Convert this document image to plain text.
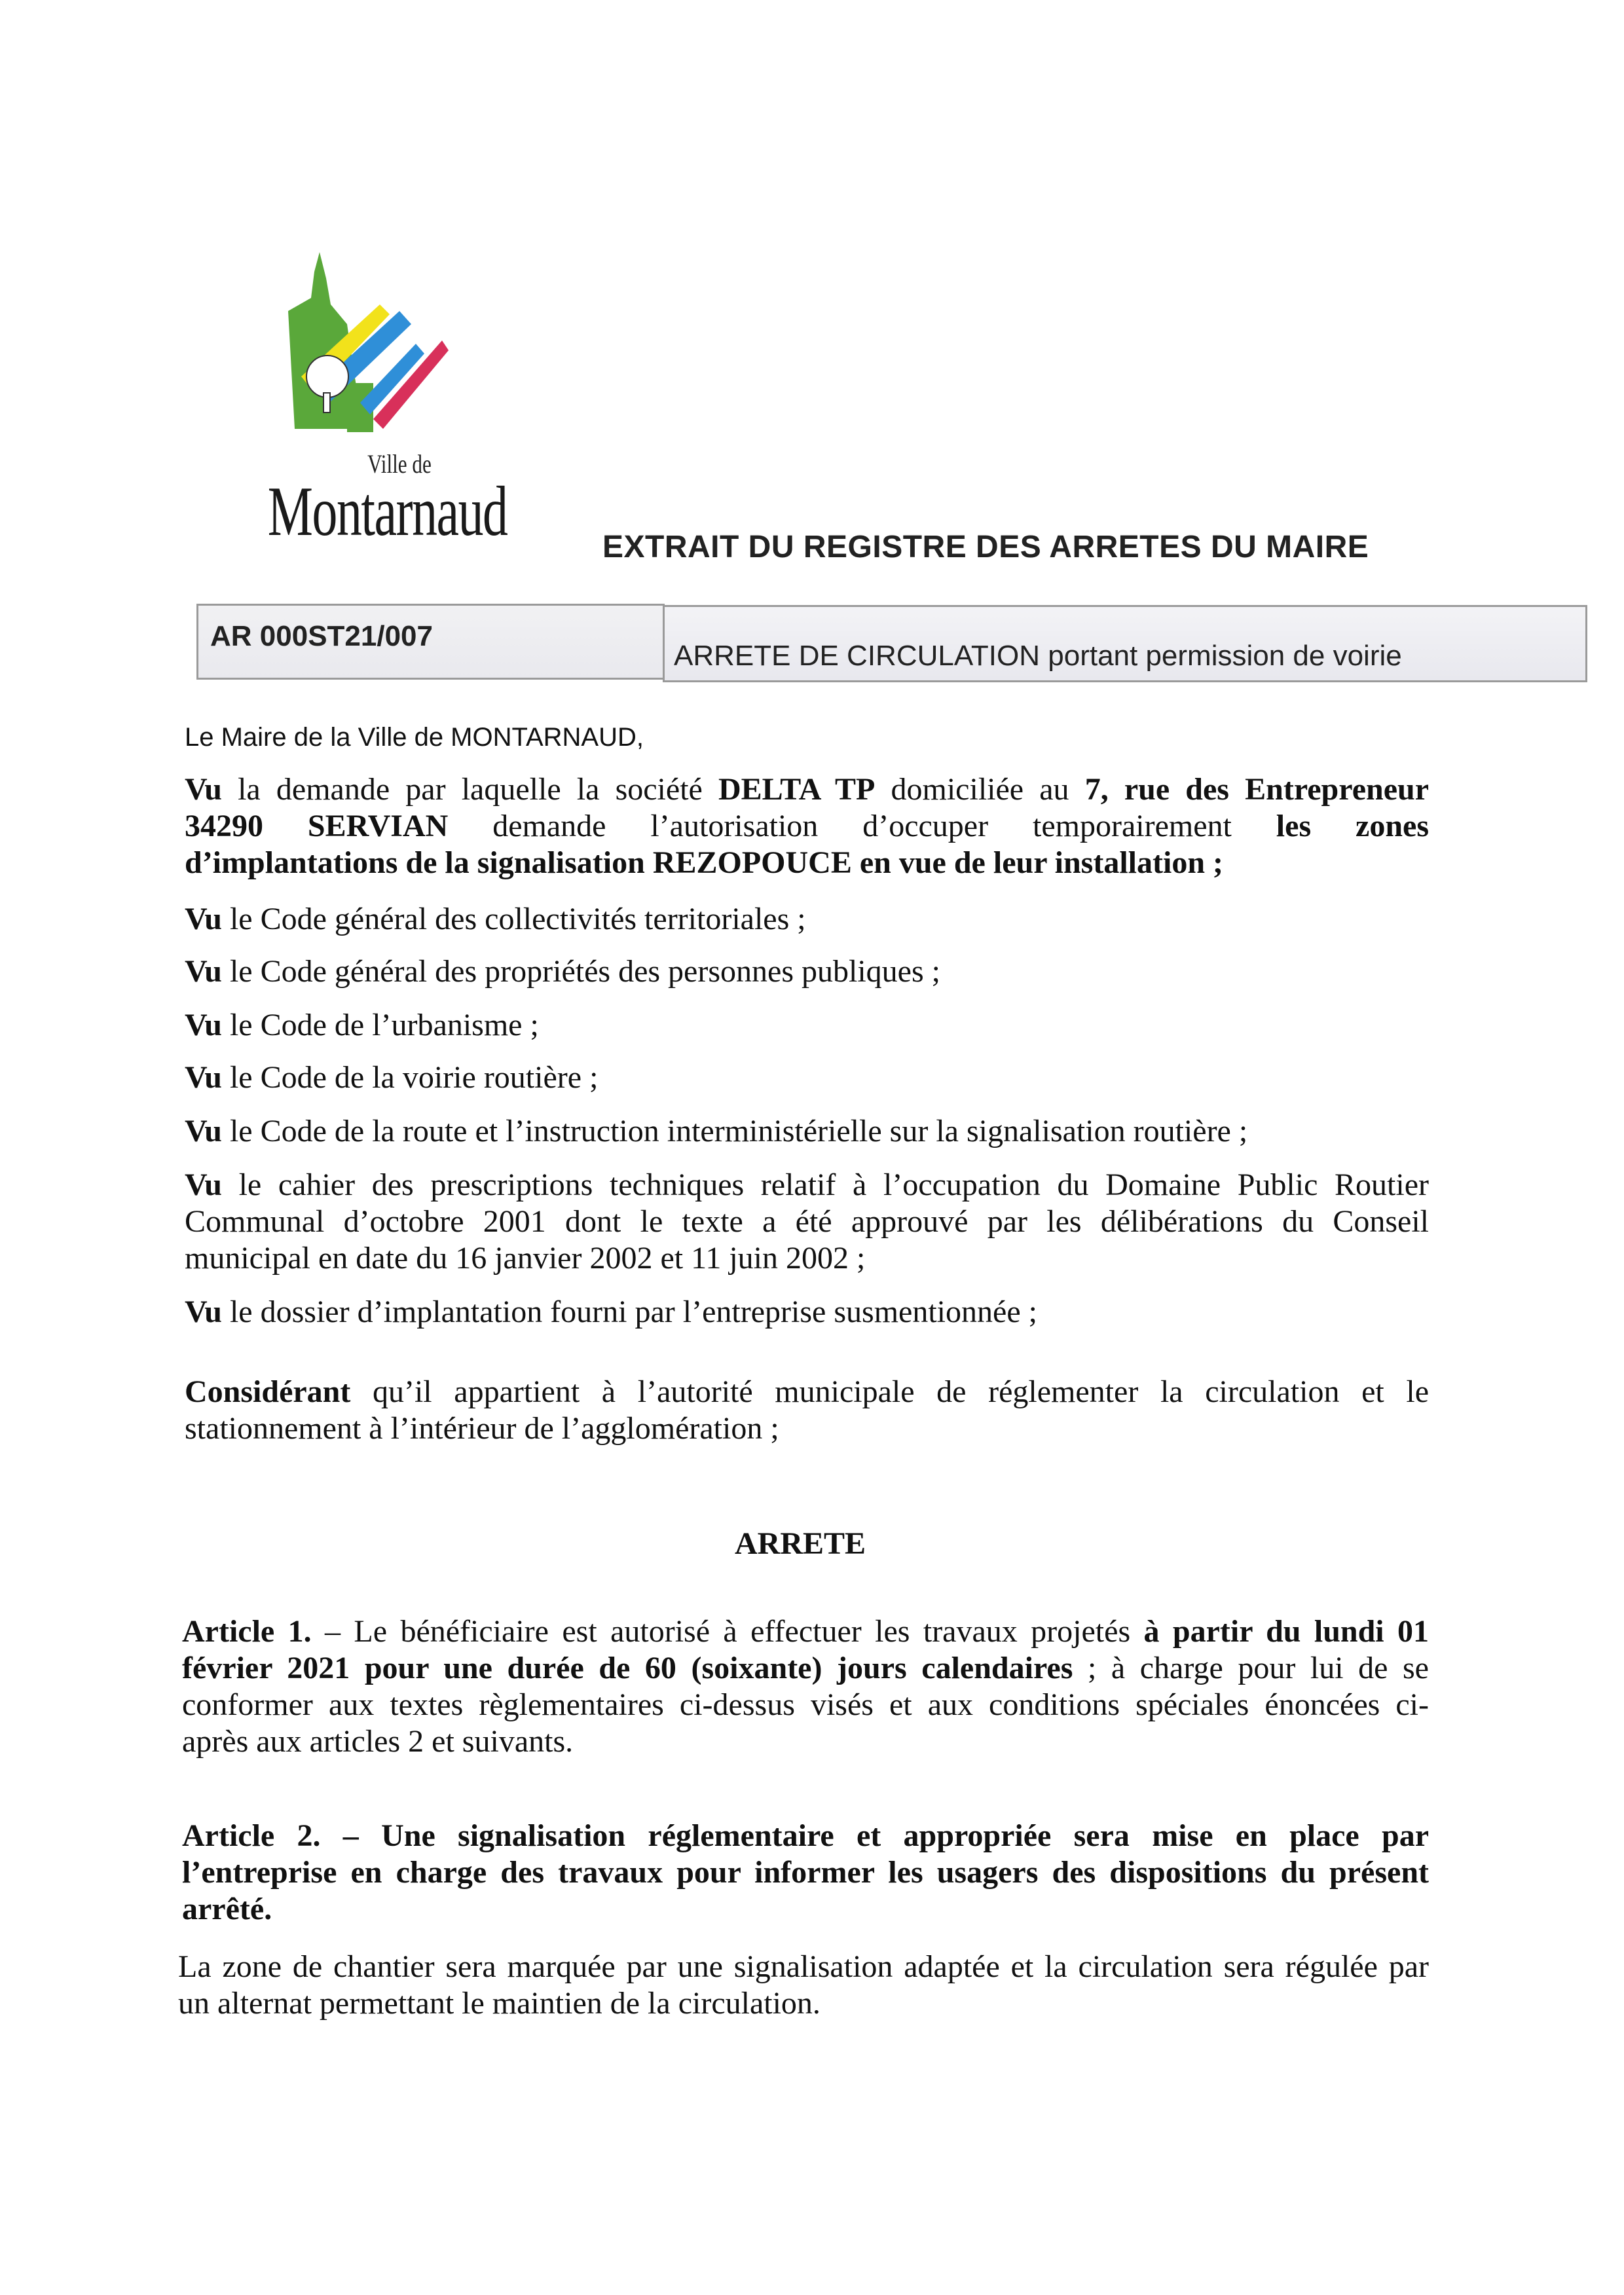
Ville de
Montarnaud	EXTRAIT DU REGISTRE DES ARRETES DU MAIRE
AR 000ST21/007
ARRETE DE CIRCULATION portant permission de voirie
Le Maire de la Ville de MONTARNAUD,
Vu la demande par laquelle la société DELTA TP domiciliée au 7, rue des Entrepreneur
34290 SERVIAN demande l’autorisation d’occuper temporairement les zones
d’implantations de la signalisation REZOPOUCE en vue de leur installation ;
Vu le Code général des collectivités territoriales ;
Vu le Code général des propriétés des personnes publiques ;
Vu le Code de l’urbanisme ;
Vu le Code de la voirie routière ;
Vu le Code de la route et l’instruction interministérielle sur la signalisation routière ;
Vu le cahier des prescriptions techniques relatif à l’occupation du Domaine Public Routier
Communal d’octobre 2001 dont le texte a été approuvé par les délibérations du Conseil
municipal en date du 16 janvier 2002 et 11 juin 2002 ;
Vu le dossier d’implantation fourni par l’entreprise susmentionnée ;
Considérant qu’il appartient à l’autorité municipale de réglementer la circulation et le
stationnement à l’intérieur de l’agglomération ;
ARRETE
Article 1. – Le bénéficiaire est autorisé à effectuer les travaux projetés à partir du lundi 01
février 2021 pour une durée de 60 (soixante) jours calendaires ; à charge pour lui de se
conformer aux textes règlementaires ci-dessus visés et aux conditions spéciales énoncées ci-
après aux articles 2 et suivants.
Article 2. – Une signalisation réglementaire et appropriée sera mise en place par
l’entreprise en charge des travaux pour informer les usagers des dispositions du présent
arrêté.
La zone de chantier sera marquée par une signalisation adaptée et la circulation sera régulée par
un alternat permettant le maintien de la circulation.
